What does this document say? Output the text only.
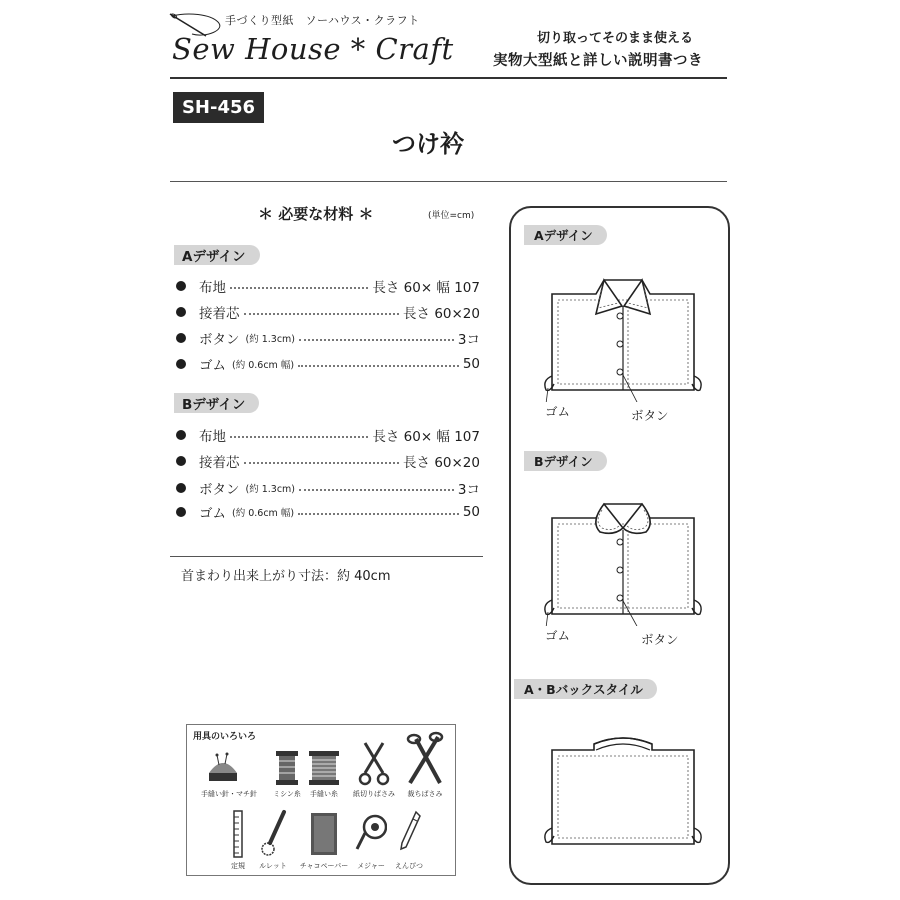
手づくり型紙　ソーハウス・クラフト
Sew House * Craft	切り取ってそのまま使える
実物大型紙と詳しい説明書つき
SH-456
つけ衿
＊ 必要な材料 ＊	(単位=cm)
Aデザイン
布地	長さ 60× 幅 107
接着芯	長さ 60×20
ボタン (約 1.3cm)	3コ
ゴム (約 0.6cm 幅)	50
Bデザイン
布地	長さ 60× 幅 107
接着芯	長さ 60×20
ボタン (約 1.3cm)	3コ
ゴム (約 0.6cm 幅)	50
首まわり出来上がり寸法：約 40cm
用具のいろいろ
手縫い針・マチ針	ミシン糸	手縫い糸	紙切りばさみ	裁ちばさみ
定規	ルレット	チャコペーパー	メジャー	えんぴつ
Aデザイン
ゴム	ボタン
Bデザイン
ゴム	ボタン
A・Bバックスタイル
